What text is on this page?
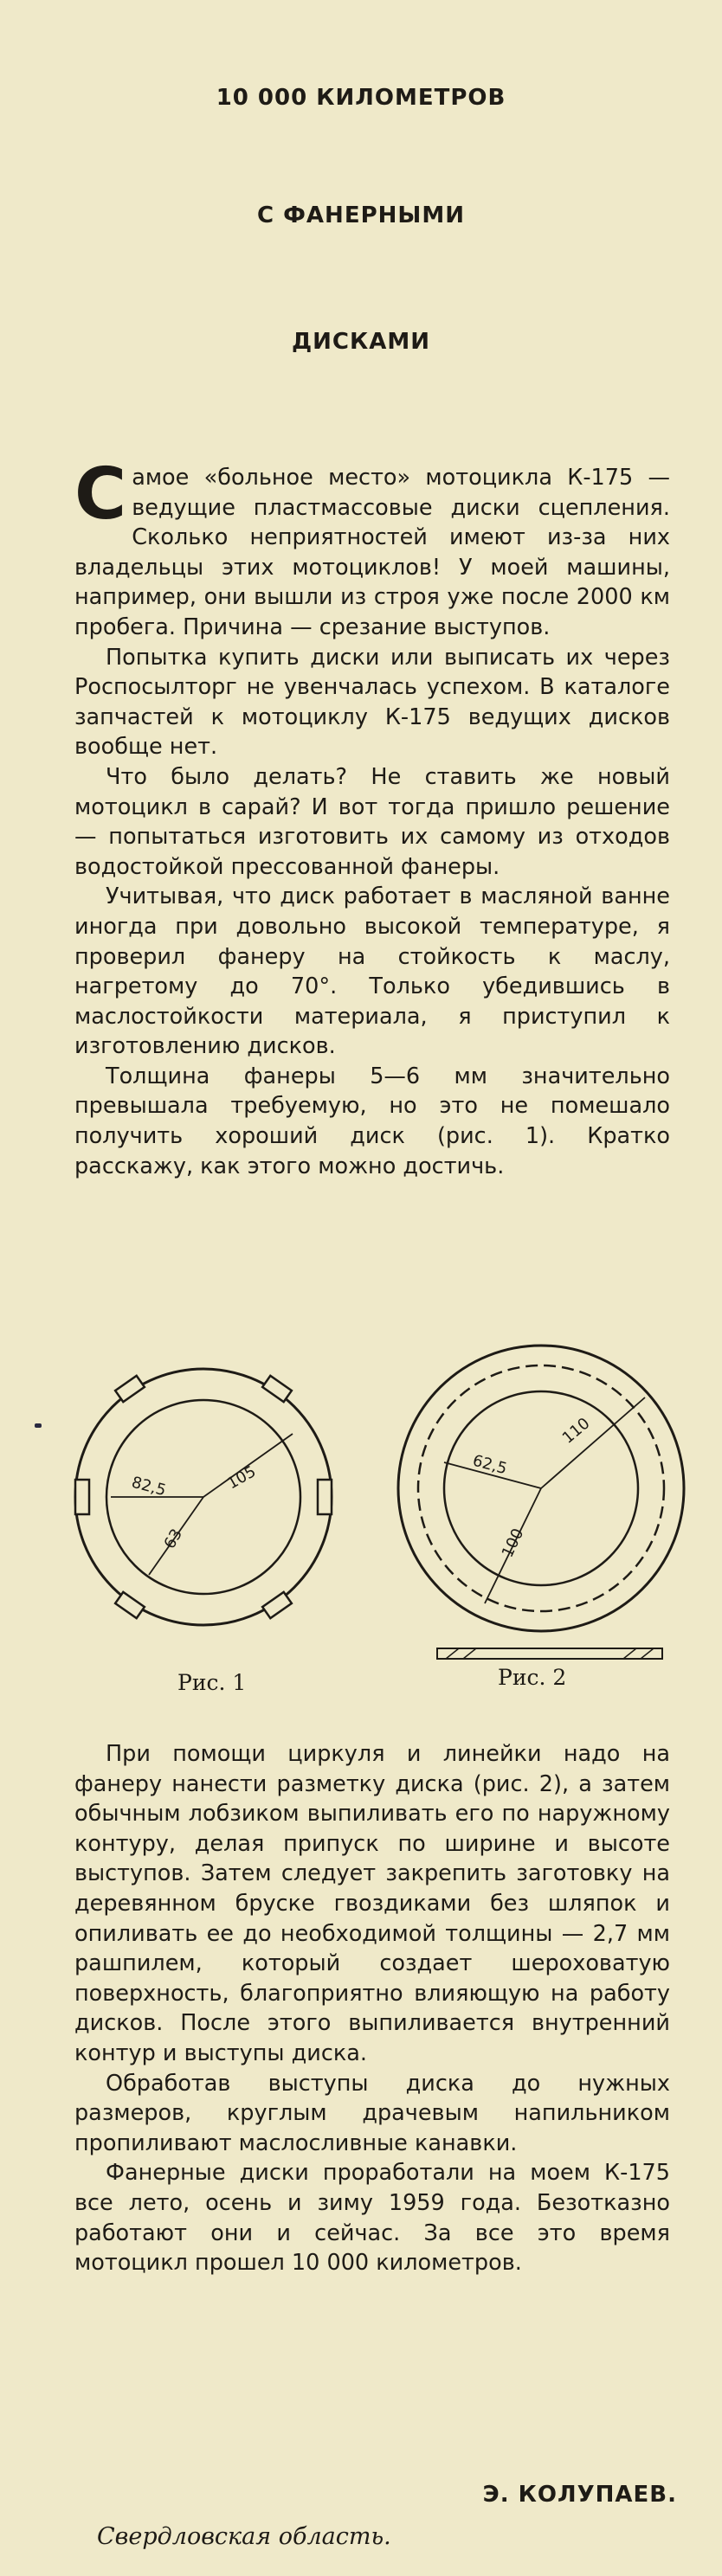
10 000 КИЛОМЕТРОВ
С ФАНЕРНЫМИ
ДИСКАМИ

Самое «больное место» мотоцикла К-175 — ведущие пластмассовые диски сцепления. Сколько неприятностей имеют из-за них владельцы этих мотоциклов! У моей машины, например, они вышли из строя уже после 2000 км пробега. Причина — срезание выступов.

Попытка купить диски или выписать их через Роспосылторг не увенчалась успехом. В каталоге запчастей к мотоциклу К-175 ведущих дисков вообще нет.

Что было делать? Не ставить же новый мотоцикл в сарай? И вот тогда пришло решение — попытаться изготовить их самому из отходов водостойкой прессованной фанеры.

Учитывая, что диск работает в масляной ванне иногда при довольно высокой температуре, я проверил фанеру на стойкость к маслу, нагретому до 70°. Только убедившись в маслостойкости материала, я приступил к изготовлению дисков.

Толщина фанеры 5—6 мм значительно превышала требуемую, но это не помешало получить хороший диск (рис. 1). Кратко расскажу, как этого можно достичь.

105
82,5
63
110
62,5
100
Рис. 1	Рис. 2

При помощи циркуля и линейки надо на фанеру нанести разметку диска (рис. 2), а затем обычным лобзиком выпиливать его по наружному контуру, делая припуск по ширине и высоте выступов. Затем следует закрепить заготовку на деревянном бруске гвоздиками без шляпок и опиливать ее до необходимой толщины — 2,7 мм рашпилем, который создает шероховатую поверхность, благоприятно влияющую на работу дисков. После этого выпиливается внутренний контур и выступы диска.

Обработав выступы диска до нужных размеров, круглым драчевым напильником пропиливают маслосливные канавки.

Фанерные диски проработали на моем К-175 все лето, осень и зиму 1959 года. Безотказно работают они и сейчас. За все это время мотоцикл прошел 10 000 километров.

Э. КОЛУПАЕВ.
Свердловская область.
